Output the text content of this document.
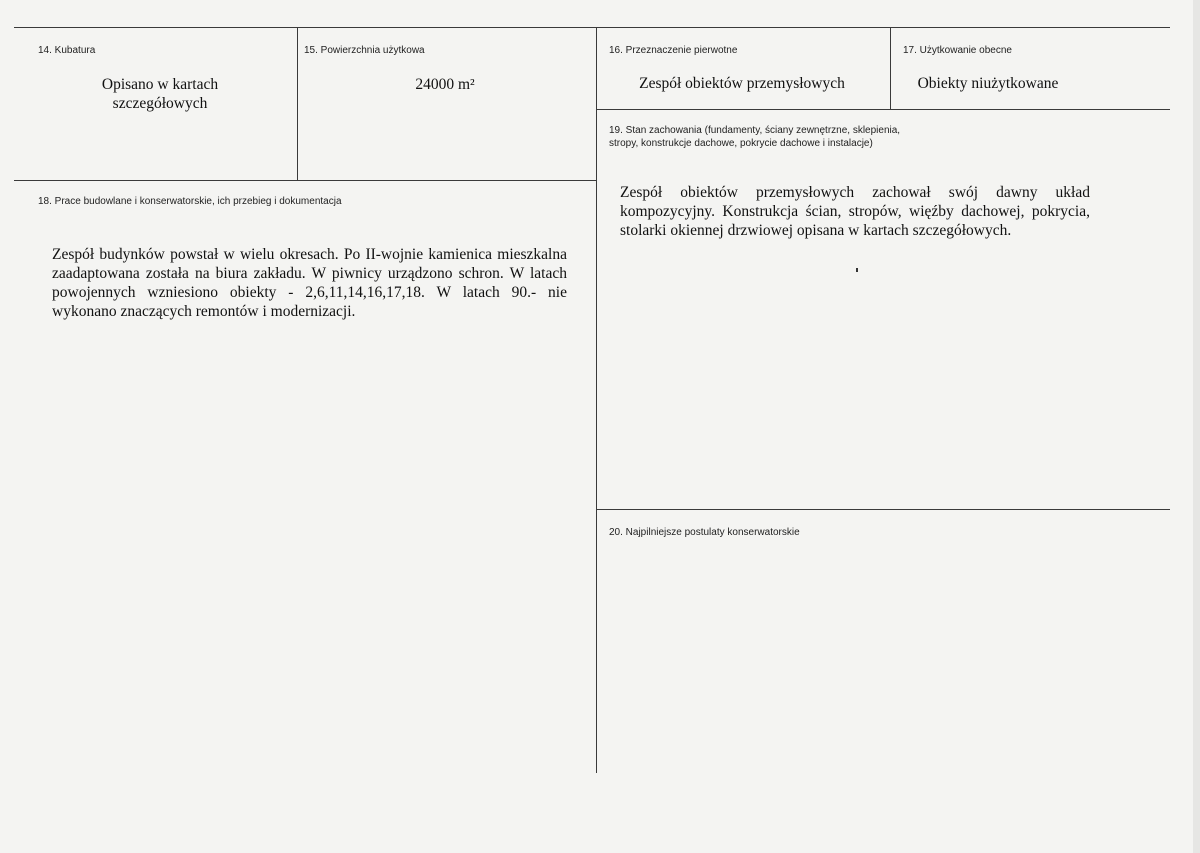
14. Kubatura
Opisano w kartach
szczegółowych
15. Powierzchnia użytkowa
24000 m²
16. Przeznaczenie pierwotne
Zespół obiektów przemysłowych
17. Użytkowanie obecne
Obiekty niużytkowane
18. Prace budowlane i konserwatorskie, ich przebieg i dokumentacja
Zespół budynków powstał w wielu okresach. Po II-wojnie kamienica mieszkalna zaadaptowana została na biura zakładu. W piwnicy urządzono schron. W latach powojennych wzniesiono obiekty - 2,6,11,14,16,17,18. W latach 90.- nie wykonano znaczących remontów i modernizacji.
19. Stan zachowania (fundamenty, ściany zewnętrzne, sklepienia,
stropy, konstrukcje dachowe, pokrycie dachowe i instalacje)
Zespół obiektów przemysłowych zachował swój dawny układ kompozycyjny. Konstrukcja ścian, stropów, więźby dachowej, pokrycia, stolarki okiennej drzwiowej opisana w kartach szczegółowych.
20. Najpilniejsze postulaty konserwatorskie
